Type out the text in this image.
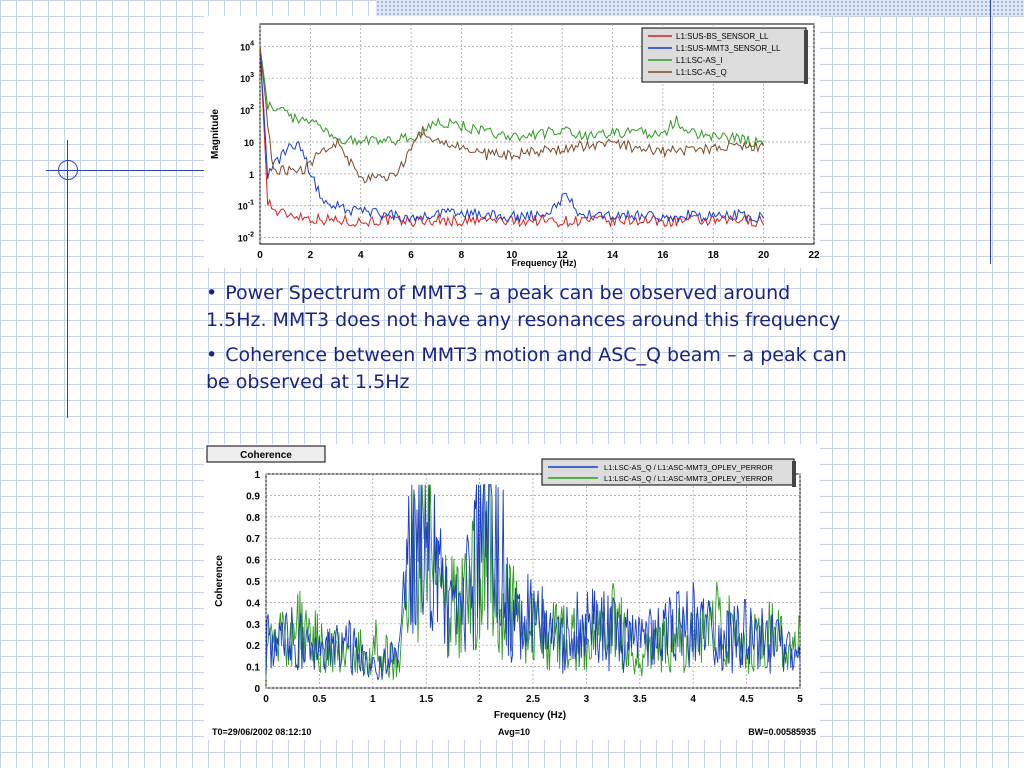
0	2	4	6	8	10	12	14	16	18	20	22
$10^4$
$10^3$
$10^2$
10
1
$10^{-1}$
$10^{-2}$
Frequency (Hz)
Magnitude
L1:SUS-BS_SENSOR_LL
L1:SUS-MMT3_SENSOR_LL
L1:LSC-AS_I
L1:LSC-AS_Q

• Power Spectrum of MMT3 – a peak can be observed around 1.5Hz. MMT3 does not have any resonances around this frequency

• Coherence between MMT3 motion and ASC_Q beam – a peak can be observed at 1.5Hz

Coherence
0	0.5	1	1.5	2	2.5	3	3.5	4	4.5	5
0
0.1
0.2
0.3
0.4
0.5
0.6
0.7
0.8
0.9
1
Frequency (Hz)
Coherence
L1:LSC-AS_Q / L1:ASC-MMT3_OPLEV_PERROR
L1:LSC-AS_Q / L1:ASC-MMT3_OPLEV_YERROR
T0=29/06/2002 08:12:10	Avg=10	BW=0.00585935
